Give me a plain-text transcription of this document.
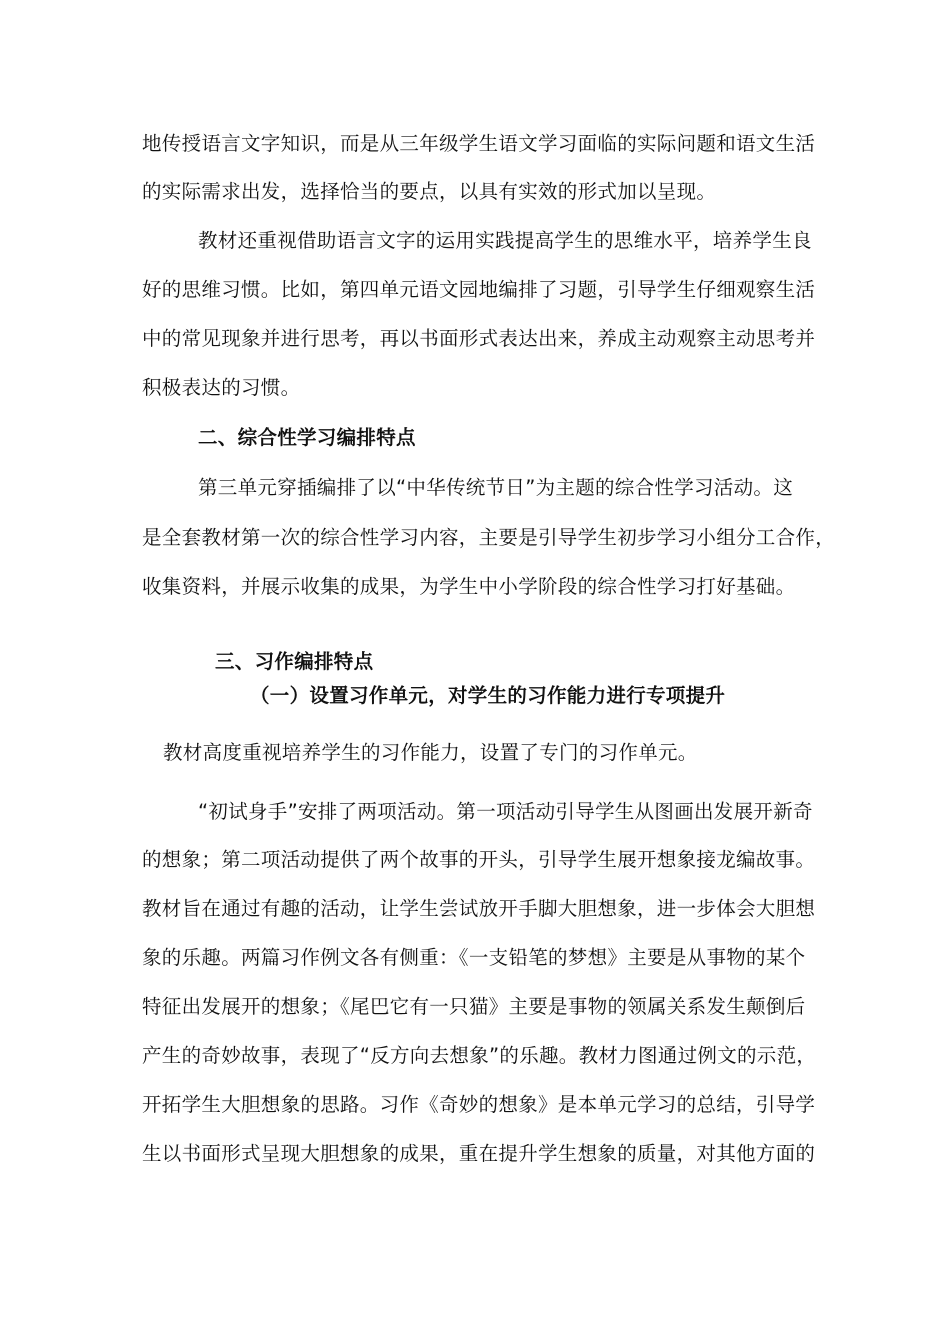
地传授语言文字知识，而是从三年级学生语文学习面临的实际问题和语文生活
的实际需求出发，选择恰当的要点，以具有实效的形式加以呈现。
教材还重视借助语言文字的运用实践提高学生的思维水平，培养学生良
好的思维习惯。比如，第四单元语文园地编排了习题，引导学生仔细观察生活
中的常见现象并进行思考，再以书面形式表达出来，养成主动观察主动思考并
积极表达的习惯。
二、综合性学习编排特点
第三单元穿插编排了以“中华传统节日”为主题的综合性学习活动。这
是全套教材第一次的综合性学习内容，主要是引导学生初步学习小组分工合作，
收集资料，并展示收集的成果，为学生中小学阶段的综合性学习打好基础。
三、习作编排特点
（一）设置习作单元，对学生的习作能力进行专项提升
教材高度重视培养学生的习作能力，设置了专门的习作单元。
“初试身手”安排了两项活动。第一项活动引导学生从图画出发展开新奇
的想象；第二项活动提供了两个故事的开头，引导学生展开想象接龙编故事。
教材旨在通过有趣的活动，让学生尝试放开手脚大胆想象，进一步体会大胆想
象的乐趣。两篇习作例文各有侧重：《一支铅笔的梦想》主要是从事物的某个
特征出发展开的想象；《尾巴它有一只猫》主要是事物的领属关系发生颠倒后
产生的奇妙故事，表现了“反方向去想象”的乐趣。教材力图通过例文的示范，
开拓学生大胆想象的思路。习作《奇妙的想象》是本单元学习的总结，引导学
生以书面形式呈现大胆想象的成果，重在提升学生想象的质量，对其他方面的
